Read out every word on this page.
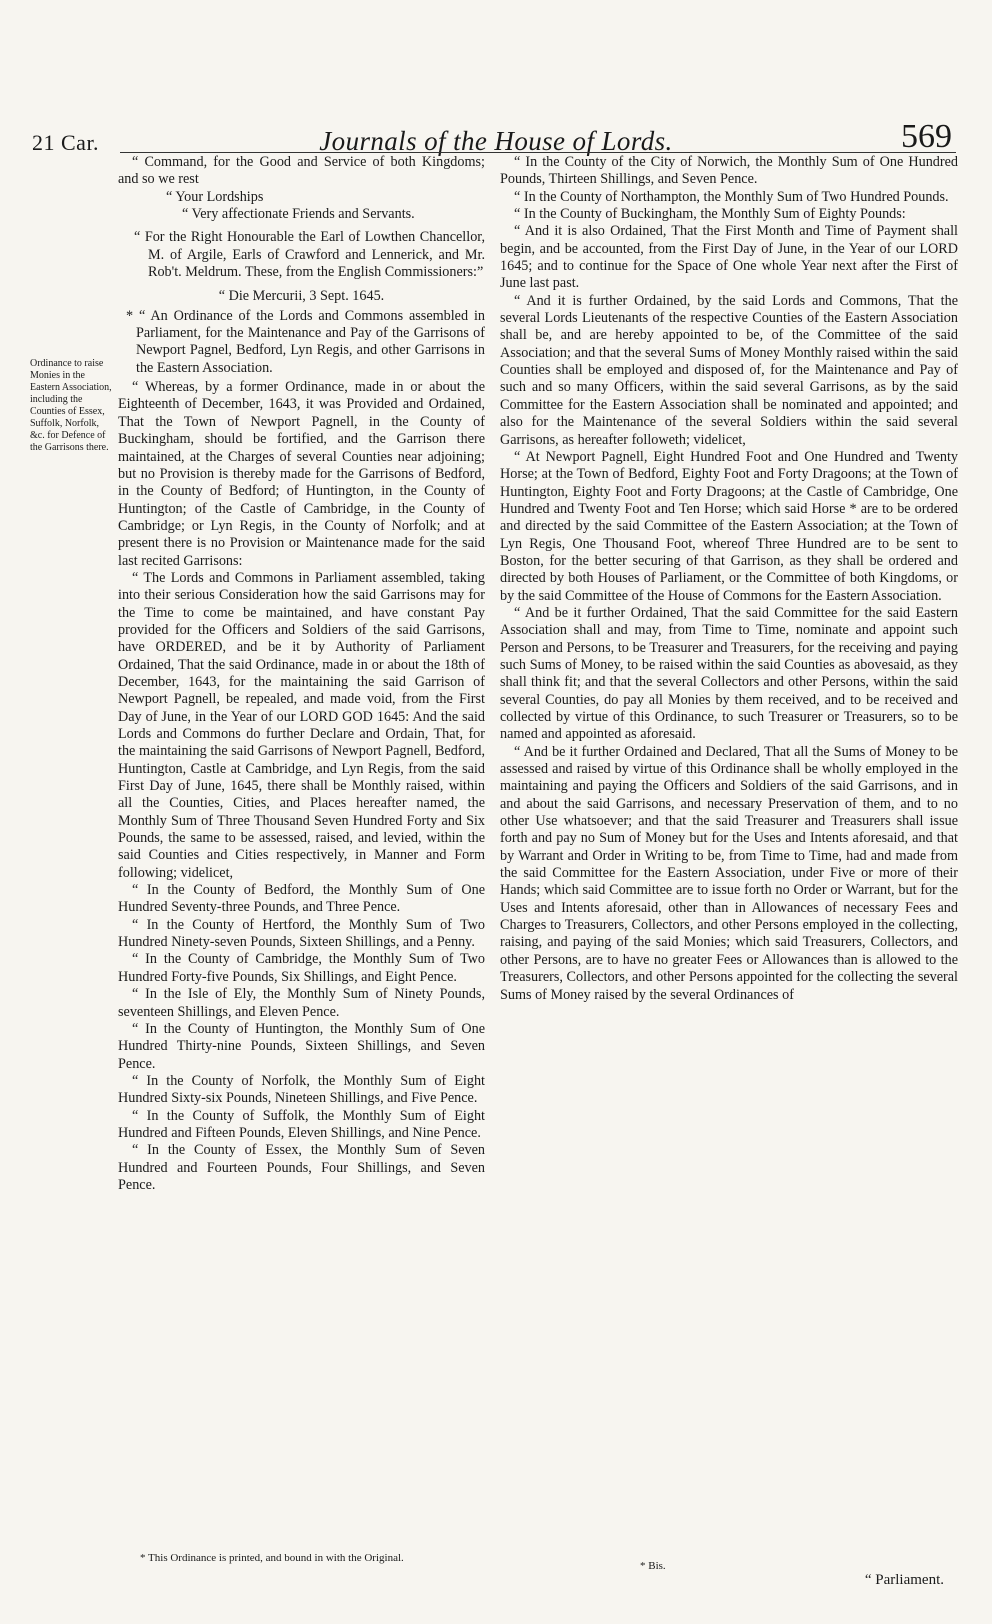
21 Car.	Journals of the House of Lords.	569
Ordinance to raise Monies in the Eastern Association, including the Counties of Essex, Suffolk, Norfolk, &c. for Defence of the Garrisons there.

“ Command, for the Good and Service of both Kingdoms; and so we rest

“ Your Lordships

“ Very affectionate Friends and Servants.

“ For the Right Honourable the Earl of Lowthen Chancellor, M. of Argile, Earls of Crawford and Lennerick, and Mr. Rob't. Meldrum. These, from the English Commissioners:”

“ Die Mercurii, 3 Sept. 1645.

* “ An Ordinance of the Lords and Commons assembled in Parliament, for the Maintenance and Pay of the Garrisons of Newport Pagnel, Bedford, Lyn Regis, and other Garrisons in the Eastern Association.

“ Whereas, by a former Ordinance, made in or about the Eighteenth of December, 1643, it was Provided and Ordained, That the Town of Newport Pagnell, in the County of Buckingham, should be fortified, and the Garrison there maintained, at the Charges of several Counties near adjoining; but no Provision is thereby made for the Garrisons of Bedford, in the County of Bedford; of Huntington, in the County of Huntington; of the Castle of Cambridge, in the County of Cambridge; or Lyn Regis, in the County of Norfolk; and at present there is no Provision or Maintenance made for the said last recited Garrisons:

“ The Lords and Commons in Parliament assembled, taking into their serious Consideration how the said Garrisons may for the Time to come be maintained, and have constant Pay provided for the Officers and Soldiers of the said Garrisons, have ORDERED, and be it by Authority of Parliament Ordained, That the said Ordinance, made in or about the 18th of December, 1643, for the maintaining the said Garrison of Newport Pagnell, be repealed, and made void, from the First Day of June, in the Year of our LORD GOD 1645: And the said Lords and Commons do further Declare and Ordain, That, for the maintaining the said Garrisons of Newport Pagnell, Bedford, Huntington, Castle at Cambridge, and Lyn Regis, from the said First Day of June, 1645, there shall be Monthly raised, within all the Counties, Cities, and Places hereafter named, the Monthly Sum of Three Thousand Seven Hundred Forty and Six Pounds, the same to be assessed, raised, and levied, within the said Counties and Cities respectively, in Manner and Form following; videlicet,

“ In the County of Bedford, the Monthly Sum of One Hundred Seventy-three Pounds, and Three Pence.

“ In the County of Hertford, the Monthly Sum of Two Hundred Ninety-seven Pounds, Sixteen Shillings, and a Penny.

“ In the County of Cambridge, the Monthly Sum of Two Hundred Forty-five Pounds, Six Shillings, and Eight Pence.

“ In the Isle of Ely, the Monthly Sum of Ninety Pounds, seventeen Shillings, and Eleven Pence.

“ In the County of Huntington, the Monthly Sum of One Hundred Thirty-nine Pounds, Sixteen Shillings, and Seven Pence.

“ In the County of Norfolk, the Monthly Sum of Eight Hundred Sixty-six Pounds, Nineteen Shillings, and Five Pence.

“ In the County of Suffolk, the Monthly Sum of Eight Hundred and Fifteen Pounds, Eleven Shillings, and Nine Pence.

“ In the County of Essex, the Monthly Sum of Seven Hundred and Fourteen Pounds, Four Shillings, and Seven Pence.

“ In the County of the City of Norwich, the Monthly Sum of One Hundred Pounds, Thirteen Shillings, and Seven Pence.

“ In the County of Northampton, the Monthly Sum of Two Hundred Pounds.

“ In the County of Buckingham, the Monthly Sum of Eighty Pounds:

“ And it is also Ordained, That the First Month and Time of Payment shall begin, and be accounted, from the First Day of June, in the Year of our LORD 1645; and to continue for the Space of One whole Year next after the First of June last past.

“ And it is further Ordained, by the said Lords and Commons, That the several Lords Lieutenants of the respective Counties of the Eastern Association shall be, and are hereby appointed to be, of the Committee of the said Association; and that the several Sums of Money Monthly raised within the said Counties shall be employed and disposed of, for the Maintenance and Pay of such and so many Officers, within the said several Garrisons, as by the said Committee for the Eastern Association shall be nominated and appointed; and also for the Maintenance of the several Soldiers within the said several Garrisons, as hereafter followeth; videlicet,

“ At Newport Pagnell, Eight Hundred Foot and One Hundred and Twenty Horse; at the Town of Bedford, Eighty Foot and Forty Dragoons; at the Town of Huntington, Eighty Foot and Forty Dragoons; at the Castle of Cambridge, One Hundred and Twenty Foot and Ten Horse; which said Horse * are to be ordered and directed by the said Committee of the Eastern Association; at the Town of Lyn Regis, One Thousand Foot, whereof Three Hundred are to be sent to Boston, for the better securing of that Garrison, as they shall be ordered and directed by both Houses of Parliament, or the Committee of both Kingdoms, or by the said Committee of the House of Commons for the Eastern Association.

“ And be it further Ordained, That the said Committee for the said Eastern Association shall and may, from Time to Time, nominate and appoint such Person and Persons, to be Treasurer and Treasurers, for the receiving and paying such Sums of Money, to be raised within the said Counties as abovesaid, as they shall think fit; and that the several Collectors and other Persons, within the said several Counties, do pay all Monies by them received, and to be received and collected by virtue of this Ordinance, to such Treasurer or Treasurers, so to be named and appointed as aforesaid.

“ And be it further Ordained and Declared, That all the Sums of Money to be assessed and raised by virtue of this Ordinance shall be wholly employed in the maintaining and paying the Officers and Soldiers of the said Garrisons, and in and about the said Garrisons, and necessary Preservation of them, and to no other Use whatsoever; and that the said Treasurer and Treasurers shall issue forth and pay no Sum of Money but for the Uses and Intents aforesaid, and that by Warrant and Order in Writing to be, from Time to Time, had and made from the said Committee for the Eastern Association, under Five or more of their Hands; which said Committee are to issue forth no Order or Warrant, but for the Uses and Intents aforesaid, other than in Allowances of necessary Fees and Charges to Treasurers, Collectors, and other Persons employed in the collecting, raising, and paying of the said Monies; which said Treasurers, Collectors, and other Persons, are to have no greater Fees or Allowances than is allowed to the Treasurers, Collectors, and other Persons appointed for the collecting the several Sums of Money raised by the several Ordinances of

* This Ordinance is printed, and bound in with the Original.
* Bis.
“ Parliament.
